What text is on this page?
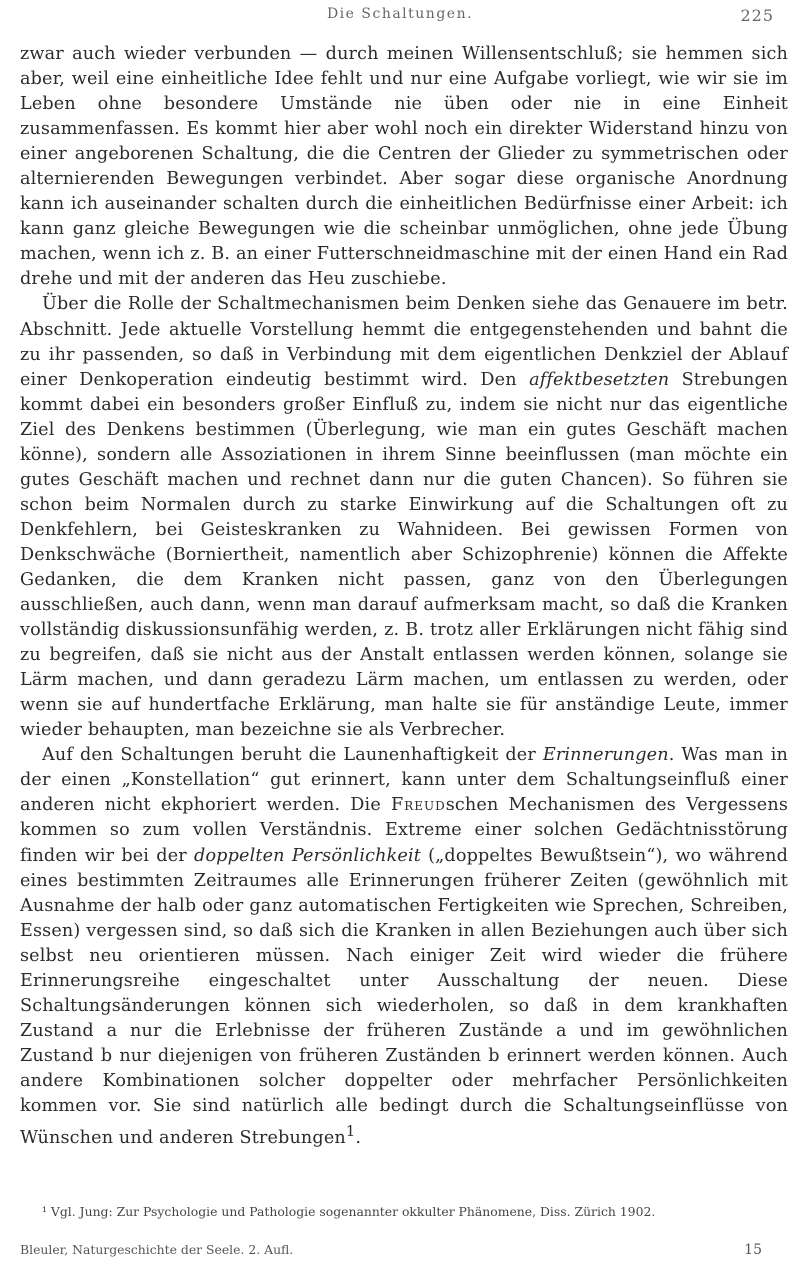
Die Schaltungen.	225

zwar auch wieder verbunden — durch meinen Willensentschluß; sie hemmen sich aber, weil eine einheitliche Idee fehlt und nur eine Aufgabe vorliegt, wie wir sie im Leben ohne besondere Umstände nie üben oder nie in eine Einheit zusammenfassen. Es kommt hier aber wohl noch ein direkter Widerstand hinzu von einer angeborenen Schaltung, die die Centren der Glieder zu symmetrischen oder alternierenden Bewegungen verbindet. Aber sogar diese organische Anordnung kann ich auseinander schalten durch die einheitlichen Bedürfnisse einer Arbeit: ich kann ganz gleiche Bewegungen wie die scheinbar unmöglichen, ohne jede Übung machen, wenn ich z. B. an einer Futterschneidmaschine mit der einen Hand ein Rad drehe und mit der anderen das Heu zuschiebe.

Über die Rolle der Schaltmechanismen beim Denken siehe das Genauere im betr. Abschnitt. Jede aktuelle Vorstellung hemmt die entgegenstehenden und bahnt die zu ihr passenden, so daß in Verbindung mit dem eigentlichen Denkziel der Ablauf einer Denkoperation eindeutig bestimmt wird. Den affektbesetzten Strebungen kommt dabei ein besonders großer Einfluß zu, indem sie nicht nur das eigentliche Ziel des Denkens bestimmen (Überlegung, wie man ein gutes Geschäft machen könne), sondern alle Assoziationen in ihrem Sinne beeinflussen (man möchte ein gutes Geschäft machen und rechnet dann nur die guten Chancen). So führen sie schon beim Normalen durch zu starke Einwirkung auf die Schaltungen oft zu Denkfehlern, bei Geisteskranken zu Wahnideen. Bei gewissen Formen von Denkschwäche (Borniertheit, namentlich aber Schizophrenie) können die Affekte Gedanken, die dem Kranken nicht passen, ganz von den Überlegungen ausschließen, auch dann, wenn man darauf aufmerksam macht, so daß die Kranken vollständig diskussionsunfähig werden, z. B. trotz aller Erklärungen nicht fähig sind zu begreifen, daß sie nicht aus der Anstalt entlassen werden können, solange sie Lärm machen, und dann geradezu Lärm machen, um entlassen zu werden, oder wenn sie auf hundertfache Erklärung, man halte sie für anständige Leute, immer wieder behaupten, man bezeichne sie als Verbrecher.

Auf den Schaltungen beruht die Launenhaftigkeit der Erinnerungen. Was man in der einen „Konstellation“ gut erinnert, kann unter dem Schaltungseinfluß einer anderen nicht ekphoriert werden. Die Freudschen Mechanismen des Vergessens kommen so zum vollen Verständnis. Extreme einer solchen Gedächtnisstörung finden wir bei der doppelten Persönlichkeit („doppeltes Bewußtsein“), wo während eines bestimmten Zeitraumes alle Erinnerungen früherer Zeiten (gewöhnlich mit Ausnahme der halb oder ganz automatischen Fertigkeiten wie Sprechen, Schreiben, Essen) vergessen sind, so daß sich die Kranken in allen Beziehungen auch über sich selbst neu orientieren müssen. Nach einiger Zeit wird wieder die frühere Erinnerungsreihe eingeschaltet unter Ausschaltung der neuen. Diese Schaltungsänderungen können sich wiederholen, so daß in dem krankhaften Zustand a nur die Erlebnisse der früheren Zustände a und im gewöhnlichen Zustand b nur diejenigen von früheren Zuständen b erinnert werden können. Auch andere Kombinationen solcher doppelter oder mehrfacher Persönlichkeiten kommen vor. Sie sind natürlich alle bedingt durch die Schaltungseinflüsse von Wünschen und anderen Strebungen$^1$.

¹ Vgl. Jung: Zur Psychologie und Pathologie sogenannter okkulter Phänomene, Diss. Zürich 1902.

Bleuler, Naturgeschichte der Seele. 2. Aufl.	15
